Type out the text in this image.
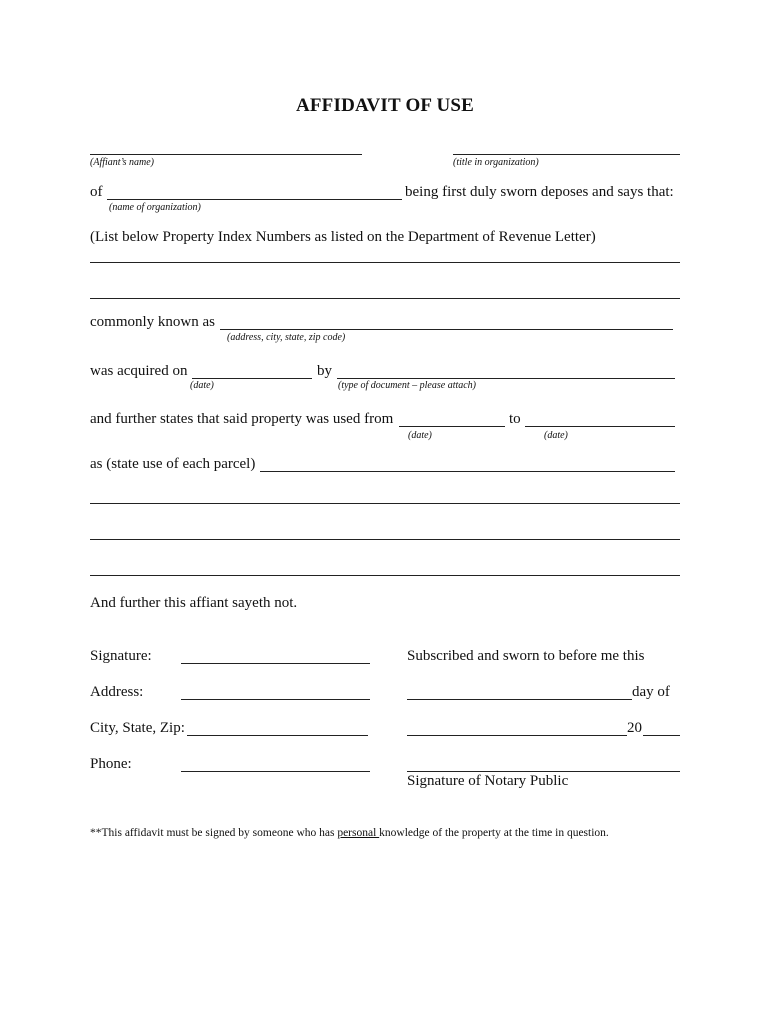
AFFIDAVIT OF USE
(Affiant’s name)	(title in organization)
of	being first duly sworn deposes and says that:
(name of organization)
(List below Property Index Numbers as listed on the Department of Revenue Letter)
commonly known as
(address, city, state, zip code)
was acquired on
(date)
by
(type of document – please attach)
and further states that said property was used from
(date)
to
(date)
as (state use of each parcel)
And further this affiant sayeth not.
Signature:
Address:
City, State, Zip:
Phone:
Subscribed and sworn to before me this
day of
20
Signature of Notary Public
**This affidavit must be signed by someone who has personal knowledge of the property at the time in question.
